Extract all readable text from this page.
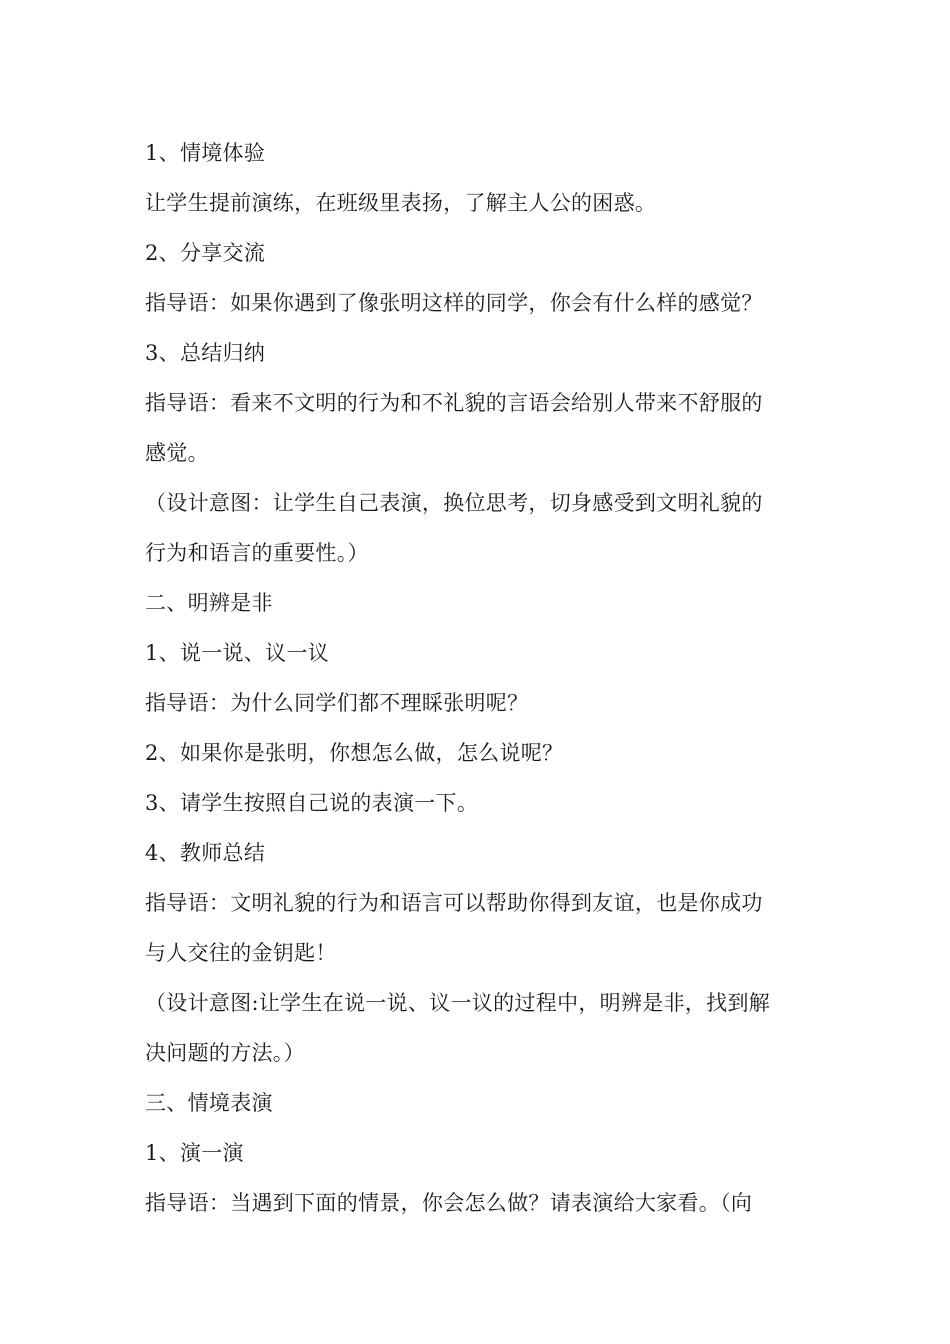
1、情境体验
让学生提前演练，在班级里表扬，了解主人公的困惑。
2、分享交流
指导语：如果你遇到了像张明这样的同学，你会有什么样的感觉？
3、总结归纳
指导语：看来不文明的行为和不礼貌的言语会给别人带来不舒服的
感觉。
（设计意图：让学生自己表演，换位思考，切身感受到文明礼貌的
行为和语言的重要性。）
二、明辨是非
1、说一说、议一议
指导语：为什么同学们都不理睬张明呢？
2、如果你是张明，你想怎么做，怎么说呢？
3、请学生按照自己说的表演一下。
4、教师总结
指导语：文明礼貌的行为和语言可以帮助你得到友谊，也是你成功
与人交往的金钥匙！
（设计意图:让学生在说一说、议一议的过程中，明辨是非，找到解
决问题的方法。）
三、情境表演
1、演一演
指导语：当遇到下面的情景，你会怎么做？请表演给大家看。（向
